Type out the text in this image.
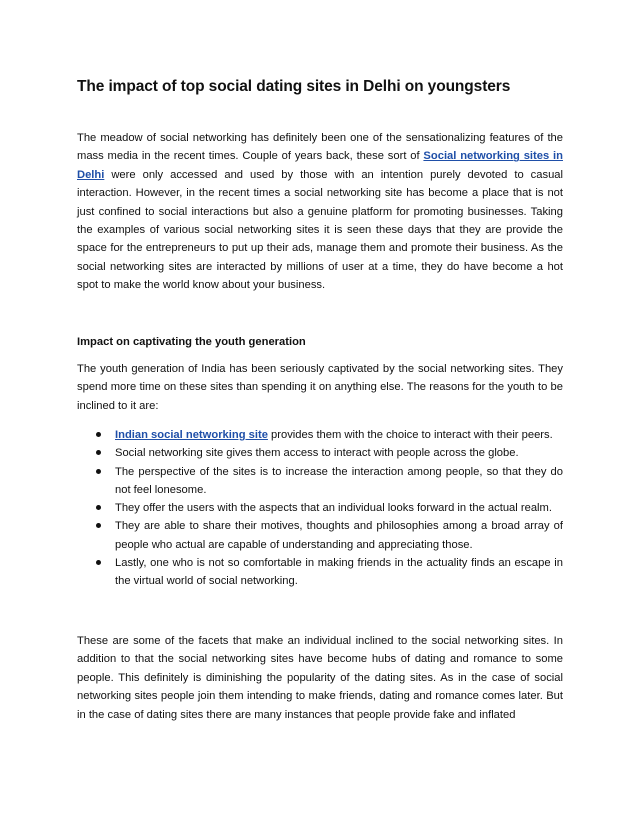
The impact of top social dating sites in Delhi on youngsters

The meadow of social networking has definitely been one of the sensationalizing features of the mass media in the recent times. Couple of years back, these sort of Social networking sites in Delhi were only accessed and used by those with an intention purely devoted to casual interaction. However, in the recent times a social networking site has become a place that is not just confined to social interactions but also a genuine platform for promoting businesses. Taking the examples of various social networking sites it is seen these days that they are provide the space for the entrepreneurs to put up their ads, manage them and promote their business. As the social networking sites are interacted by millions of user at a time, they do have become a hot spot to make the world know about your business.

Impact on captivating the youth generation

The youth generation of India has been seriously captivated by the social networking sites. They spend more time on these sites than spending it on anything else. The reasons for the youth to be inclined to it are:

Indian social networking site provides them with the choice to interact with their peers.
Social networking site gives them access to interact with people across the globe.
The perspective of the sites is to increase the interaction among people, so that they do not feel lonesome.
They offer the users with the aspects that an individual looks forward in the actual realm.
They are able to share their motives, thoughts and philosophies among a broad array of people who actual are capable of understanding and appreciating those.
Lastly, one who is not so comfortable in making friends in the actuality finds an escape in the virtual world of social networking.

These are some of the facets that make an individual inclined to the social networking sites. In addition to that the social networking sites have become hubs of dating and romance to some people. This definitely is diminishing the popularity of the dating sites. As in the case of social networking sites people join them intending to make friends, dating and romance comes later. But in the case of dating sites there are many instances that people provide fake and inflated
